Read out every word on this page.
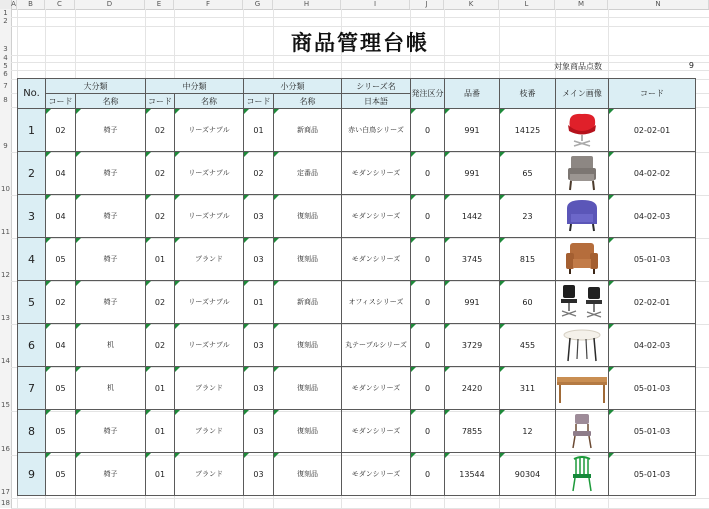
A	B	C	D	E	F	G	H	I	J	K	L	M	N
1
2
3
4
5
6
7
8
9
10
11
12
13
14
15
16
17
18
商品管理台帳
対象商品点数	9
No.	大分類		中分類		小分類		シリーズ名	発注区分	品番	枝番	メイン画像	コード
	コード	名称	コード	名称	コード	名称	日本語					
1	02	椅子	02	リーズナブル	01	新商品	赤い白鳥シリーズ	0	991	14125		02-02-01
2	04	椅子	02	リーズナブル	02	定番品	モダンシリーズ	0	991	65		04-02-02
3	04	椅子	02	リーズナブル	03	復刻品	モダンシリーズ	0	1442	23		04-02-03
4	05	椅子	01	ブランド	03	復刻品	モダンシリーズ	0	3745	815		05-01-03
5	02	椅子	02	リーズナブル	01	新商品	オフィスシリーズ	0	991	60		02-02-01
6	04	机	02	リーズナブル	03	復刻品	丸テーブルシリーズ	0	3729	455		04-02-03
7	05	机	01	ブランド	03	復刻品	モダンシリーズ	0	2420	311		05-01-03
8	05	椅子	01	ブランド	03	復刻品	モダンシリーズ	0	7855	12		05-01-03
9	05	椅子	01	ブランド	03	復刻品	モダンシリーズ	0	13544	90304		05-01-03
